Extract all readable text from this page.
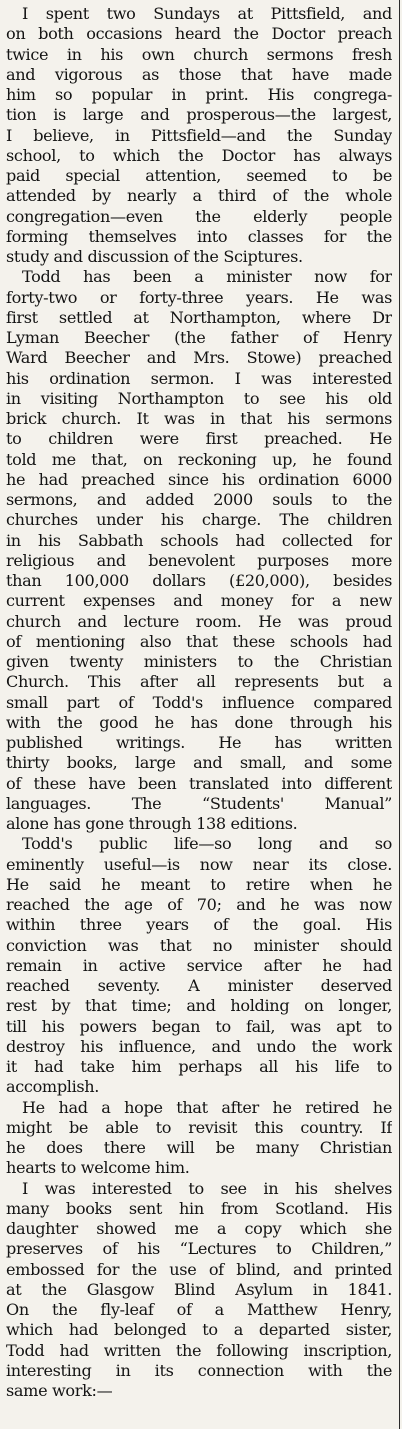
I spent two Sundays at Pittsfield, and
on both occasions heard the Doctor preach
twice in his own church sermons fresh
and vigorous as those that have made
him so popular in print. His congrega-
tion is large and prosperous—the largest,
I believe, in Pittsfield—and the Sunday
school, to which the Doctor has always
paid special attention, seemed to be
attended by nearly a third of the whole
congregation—even the elderly people
forming themselves into classes for the
study and discussion of the Sciptures.
Todd has been a minister now for
forty-two or forty-three years. He was
first settled at Northampton, where Dr
Lyman Beecher (the father of Henry
Ward Beecher and Mrs. Stowe) preached
his ordination sermon. I was interested
in visiting Northampton to see his old
brick church. It was in that his sermons
to children were first preached. He
told me that, on reckoning up, he found
he had preached since his ordination 6000
sermons, and added 2000 souls to the
churches under his charge. The children
in his Sabbath schools had collected for
religious and benevolent purposes more
than 100,000 dollars (£20,000), besides
current expenses and money for a new
church and lecture room. He was proud
of mentioning also that these schools had
given twenty ministers to the Christian
Church. This after all represents but a
small part of Todd's influence compared
with the good he has done through his
published writings. He has written
thirty books, large and small, and some
of these have been translated into different
languages. The “Students' Manual”
alone has gone through 138 editions.
Todd's public life—so long and so
eminently useful—is now near its close.
He said he meant to retire when he
reached the age of 70; and he was now
within three years of the goal. His
conviction was that no minister should
remain in active service after he had
reached seventy. A minister deserved
rest by that time; and holding on longer,
till his powers began to fail, was apt to
destroy his influence, and undo the work
it had take him perhaps all his life to
accomplish.
He had a hope that after he retired he
might be able to revisit this country. If
he does there will be many Christian
hearts to welcome him.
I was interested to see in his shelves
many books sent hin from Scotland. His
daughter showed me a copy which she
preserves of his “Lectures to Children,”
embossed for the use of blind, and printed
at the Glasgow Blind Asylum in 1841.
On the fly-leaf of a Matthew Henry,
which had belonged to a departed sister,
Todd had written the following inscription,
interesting in its connection with the
same work:—
